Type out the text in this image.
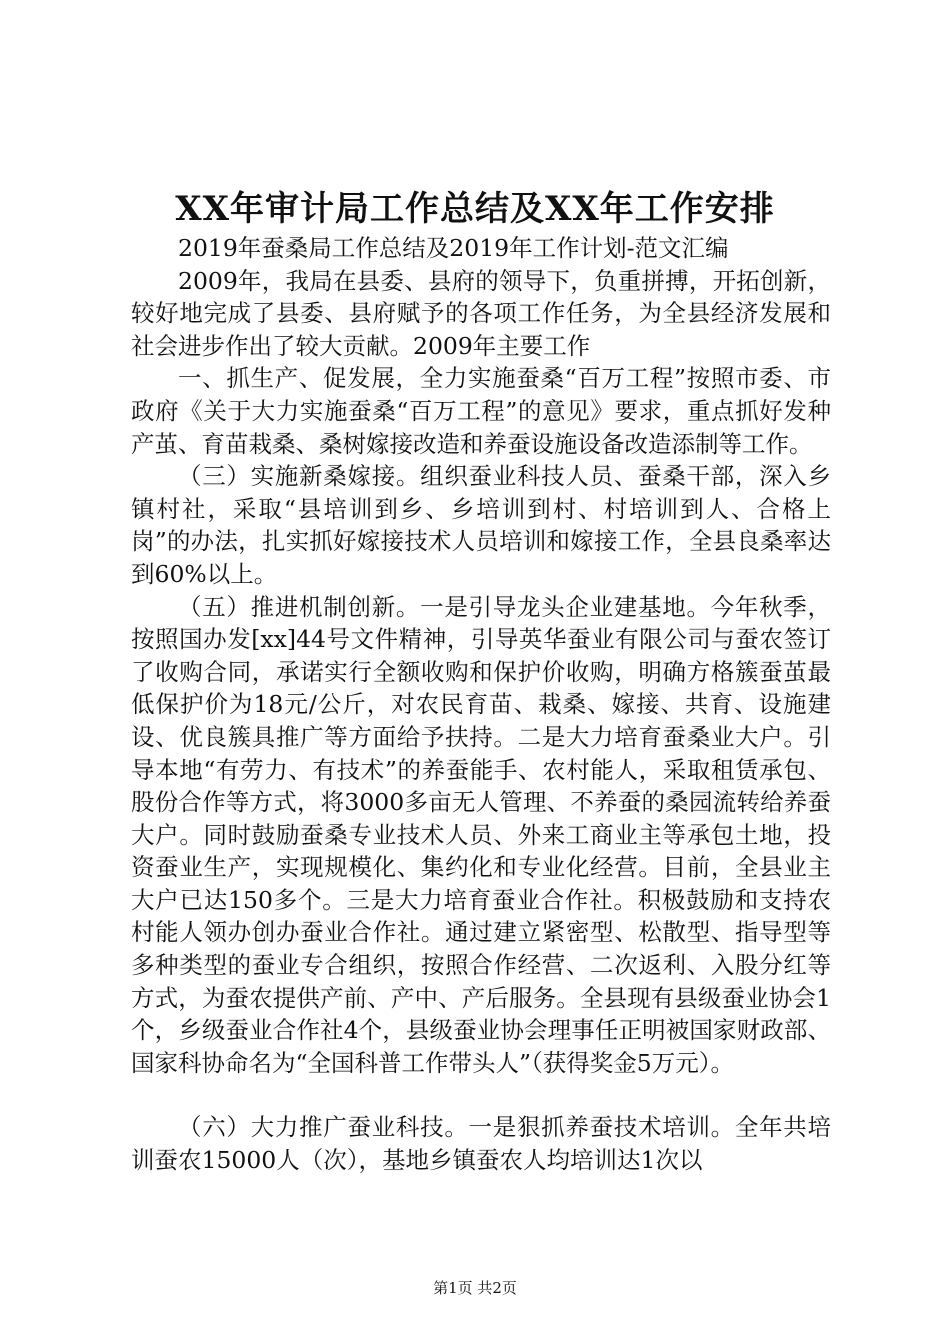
XX年审计局工作总结及XX年工作安排

2019年蚕桑局工作总结及2019年工作计划-范文汇编

2009年，我局在县委、县府的领导下，负重拼搏，开拓创新，较好地完成了县委、县府赋予的各项工作任务，为全县经济发展和社会进步作出了较大贡献。2009年主要工作

一、抓生产、促发展，全力实施蚕桑“百万工程”按照市委、市政府《关于大力实施蚕桑“百万工程”的意见》要求，重点抓好发种产茧、育苗栽桑、桑树嫁接改造和养蚕设施设备改造添制等工作。

（三）实施新桑嫁接。组织蚕业科技人员、蚕桑干部，深入乡镇村社，采取“县培训到乡、乡培训到村、村培训到人、合格上岗”的办法，扎实抓好嫁接技术人员培训和嫁接工作，全县良桑率达到60%以上。

（五）推进机制创新。一是引导龙头企业建基地。今年秋季，按照国办发[xx]44号文件精神，引导英华蚕业有限公司与蚕农签订了收购合同，承诺实行全额收购和保护价收购，明确方格簇蚕茧最低保护价为18元/公斤，对农民育苗、栽桑、嫁接、共育、设施建设、优良簇具推广等方面给予扶持。二是大力培育蚕桑业大户。引导本地“有劳力、有技术”的养蚕能手、农村能人，采取租赁承包、股份合作等方式，将3000多亩无人管理、不养蚕的桑园流转给养蚕大户。同时鼓励蚕桑专业技术人员、外来工商业主等承包土地，投资蚕业生产，实现规模化、集约化和专业化经营。目前，全县业主大户已达150多个。三是大力培育蚕业合作社。积极鼓励和支持农村能人领办创办蚕业合作社。通过建立紧密型、松散型、指导型等多种类型的蚕业专合组织，按照合作经营、二次返利、入股分红等方式，为蚕农提供产前、产中、产后服务。全县现有县级蚕业协会1个，乡级蚕业合作社4个，县级蚕业协会理事任正明被国家财政部、国家科协命名为“全国科普工作带头人”（获得奖金5万元）。

（六）大力推广蚕业科技。一是狠抓养蚕技术培训。全年共培训蚕农15000人（次），基地乡镇蚕农人均培训达1次以

第1页 共2页
